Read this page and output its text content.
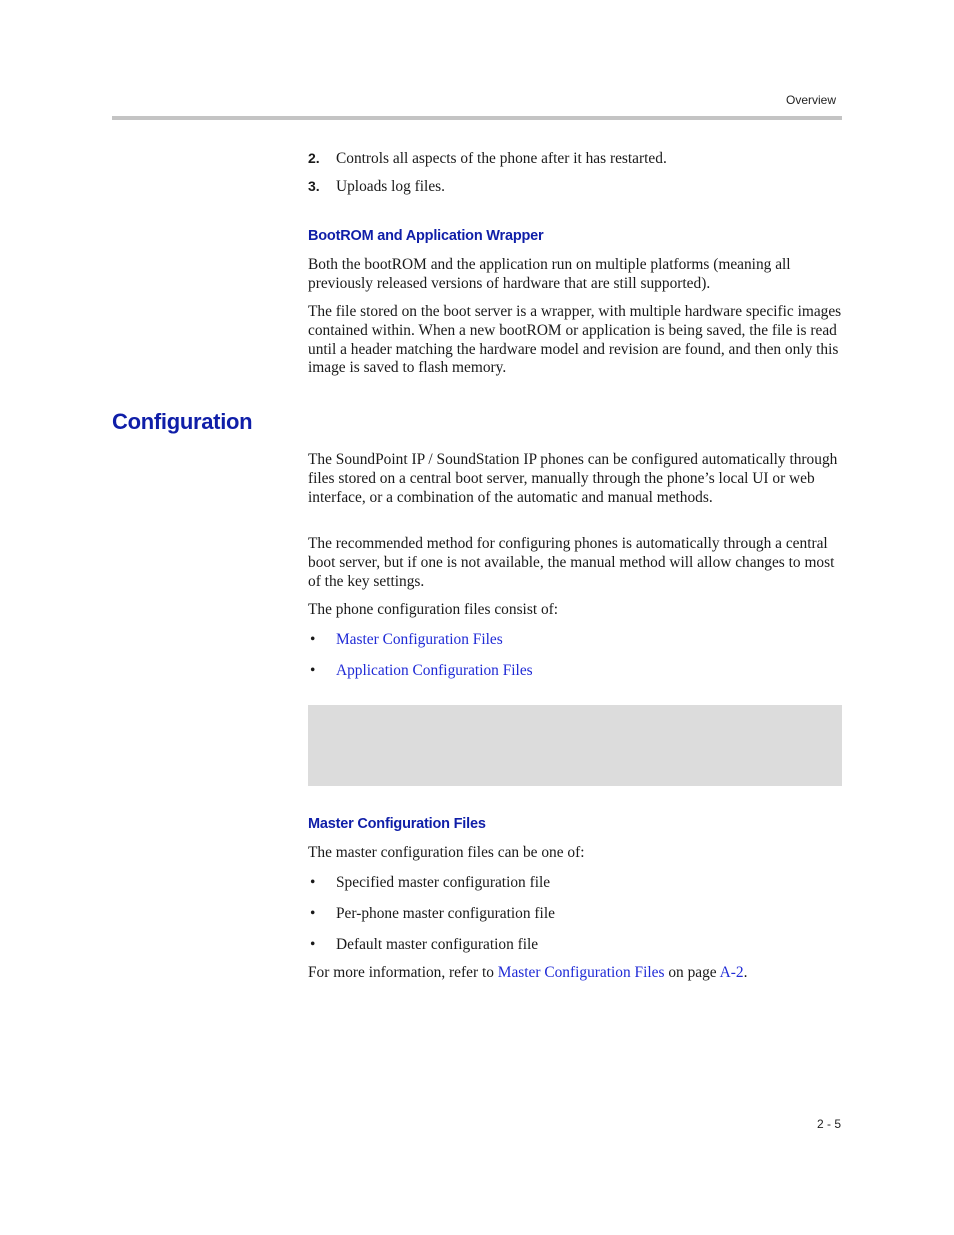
Overview
2. Controls all aspects of the phone after it has restarted.
3. Uploads log files.
BootROM and Application Wrapper

Both the bootROM and the application run on multiple platforms (meaning all previously released versions of hardware that are still supported).

The file stored on the boot server is a wrapper, with multiple hardware specific images contained within. When a new bootROM or application is being saved, the file is read until a header matching the hardware model and revision are found, and then only this image is saved to flash memory.

Configuration

The SoundPoint IP / SoundStation IP phones can be configured automatically through files stored on a central boot server, manually through the phone’s local UI or web interface, or a combination of the automatic and manual methods.

The recommended method for configuring phones is automatically through a central boot server, but if one is not available, the manual method will allow changes to most of the key settings.

The phone configuration files consist of:

• Master Configuration Files
• Application Configuration Files
Master Configuration Files

The master configuration files can be one of:

• Specified master configuration file
• Per-phone master configuration file
• Default master configuration file

For more information, refer to Master Configuration Files on page A-2.

2 - 5
